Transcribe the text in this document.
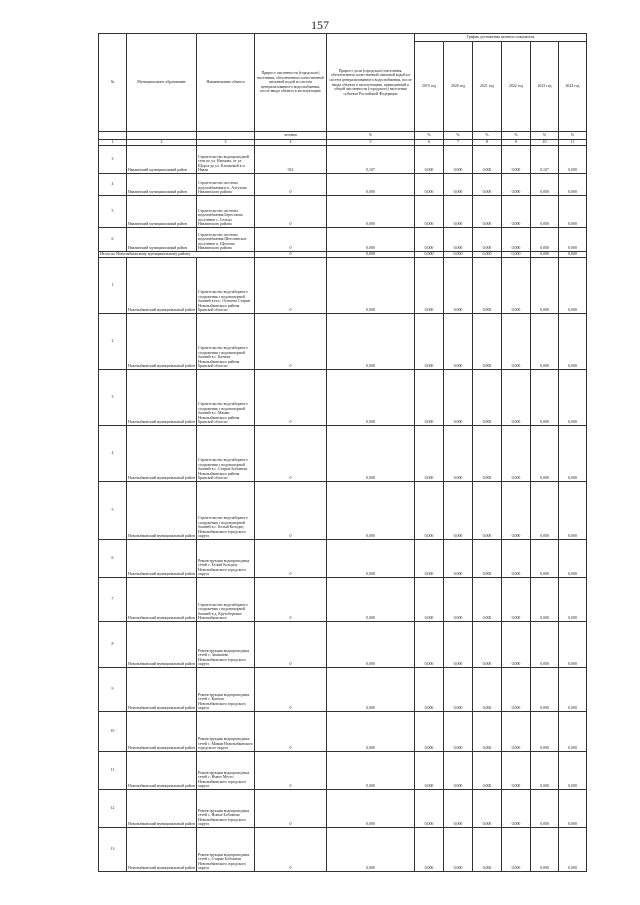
157
№	Муниципальное образование	Наименование объекта	Прирост численности (городского) населения, обеспеченного качественной питьевой водой из систем централизованного водоснабжения, после ввода объекта в эксплуатацию	Прирост доли (городского) населения, обеспеченного качественной питьевой водой из систем централизованного водоснабжения, после ввода объекта в эксплуатацию, приведенный к общей численности (городского) населения субъекта Российской Федерации	График достижения целевого показателя					
					2019 год	2020 год	2021 год	2022 год	2023 год	2024 год
			человек	%	%	%	%	%	%	%
1	2	3	4	5	6	7	8	9	10	11
3	Навлинский муниципальный район	Строительство водопроводной сети по ул. Наумова, от ул. Щорса до ул. Клочковой в п. Навля	923	0,107	0,000	0,000	0,000	0,000	0,107	0,000
4	Навлинский муниципальный район	Строительство системы водоснабжения в п. Алтухово Навлинского района	0	0,000	0,000	0,000	0,000	0,000	0,000	0,000
5	Навлинский муниципальный район	Строительство системы водоснабжения Бересовско поселение с. Сельцо Навлинского района	0	0,000	0,000	0,000	0,000	0,000	0,000	0,000
6	Навлинский муниципальный район	Строительство системы водоснабжения Шеготинское поселение п. Щеглово Навлинского района	0	0,000	0,000	0,000	0,000	0,000	0,000	0,000
Итого по Новозыбковскому муниципальному району			0	0,000	0,000	0,000	0,000	0,000	0,000	0,000
1	Новозыбковский муниципальный район	Строительство водозаборного сооружения с водонапорной башней в пос. Остшена Старые Новозыбковского района Брянской области	0	0,000	0,000	0,000	0,000	0,000	0,000	0,000
2	Новозыбковский муниципальный район	Строительство водозаборного сооружения с водонапорной башней в с. Катичи Новозыбковского района Брянской области	0	0,000	0,000	0,000	0,000	0,000	0,000	0,000
3	Новозыбковский муниципальный район	Строительство водозаборного сооружения с водонапорной башней в с. Мамаи Новозыбковского района Брянской области	0	0,000	0,000	0,000	0,000	0,000	0,000	0,000
4	Новозыбковский муниципальный район	Строительство водозаборного сооружения с водонапорной башней в с. Старые Бобовичи Новозыбковского района Брянской области	0	0,000	0,000	0,000	0,000	0,000	0,000	0,000
5	Новозыбковский муниципальный район	Строительство водозаборного сооружения с водонапорной башней в с. Белый Колодец Новозыбковского городского округа	0	0,000	0,000	0,000	0,000	0,000	0,000	0,000
6	Новозыбковский муниципальный район	Реконструкция водопроводных сетей с. Белый Колодец Новозыбковского городского округа	0	0,000	0,000	0,000	0,000	0,000	0,000	0,000
7	Новозыбковский муниципальный район	Строительство водозаборного сооружения с водонапорной башней в д. Крутобережье Новозыбковского	0	0,000	0,000	0,000	0,000	0,000	0,000	0,000
8	Новозыбковский муниципальный район	Реконструкция водопроводных сетей с. Замишево Новозыбковского городского округа	0	0,000	0,000	0,000	0,000	0,000	0,000	0,000
9	Новозыбковский муниципальный район	Реконструкция водопроводных сетей с. Катичи Новозыбковского городского округа	0	0,000	0,000	0,000	0,000	0,000	0,000	0,000
10	Новозыбковский муниципальный район	Реконструкция водопроводных сетей с. Мамаи Новозыбковского городского округа	0	0,000	0,000	0,000	0,000	0,000	0,000	0,000
11	Новозыбковский муниципальный район	Реконструкция водопроводных сетей с. Новое Место Новозыбковского городского округа	0	0,000	0,000	0,000	0,000	0,000	0,000	0,000
12	Новозыбковский муниципальный район	Реконструкция водопроводных сетей с. Новые Бобовичи Новозыбковского городского округа	0	0,000	0,000	0,000	0,000	0,000	0,000	0,000
13	Новозыбковский муниципальный район	Реконструкция водопроводных сетей с. Старые Бобовичи Новозыбковского городского округа	0	0,000	0,000	0,000	0,000	0,000	0,000	0,000
